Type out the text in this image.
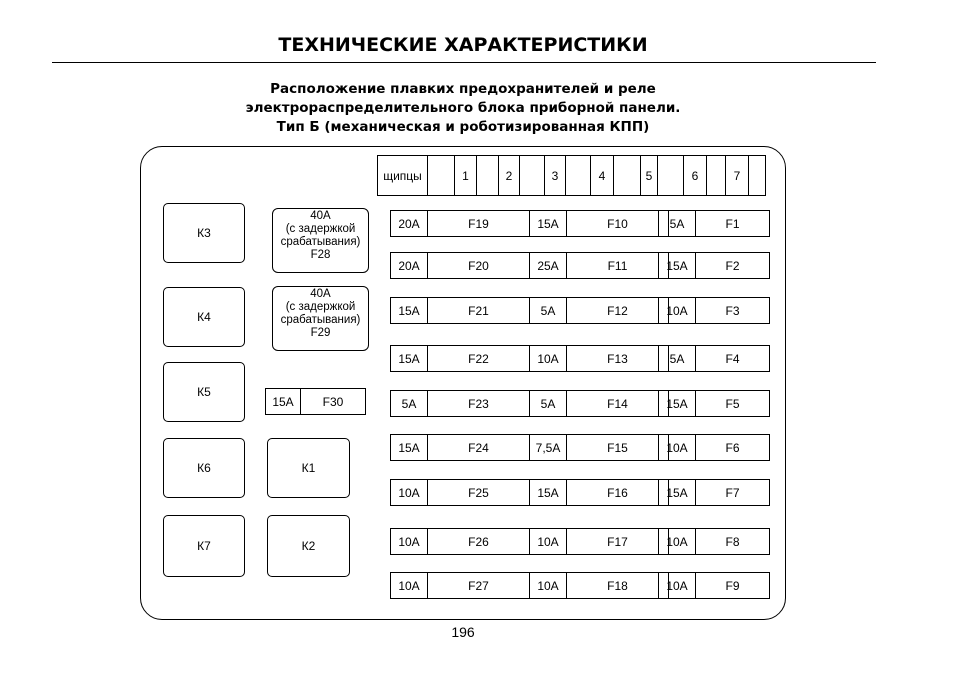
ТЕХНИЧЕСКИЕ ХАРАКТЕРИСТИКИ
Расположение плавких предохранителей и реле
электрораспределительного блока приборной панели.
Тип Б (механическая и роботизированная КПП)
щипцы	1	2	3	4	5	6	7
К3
К4
К5
К6
К7
К1
К2
40А
(с задержкой
срабатывания)
F28
40А
(с задержкой
срабатывания)
F29
15А	F30
20А	F19	15А	F10	5А	F1
20А	F20	25А	F11	15А	F2
15А	F21	5А	F12	10А	F3
15А	F22	10А	F13	5А	F4
5А	F23	5А	F14	15А	F5
15А	F24	7,5А	F15	10А	F6
10А	F25	15А	F16	15А	F7
10А	F26	10А	F17	10А	F8
10А	F27	10А	F18	10А	F9
196
